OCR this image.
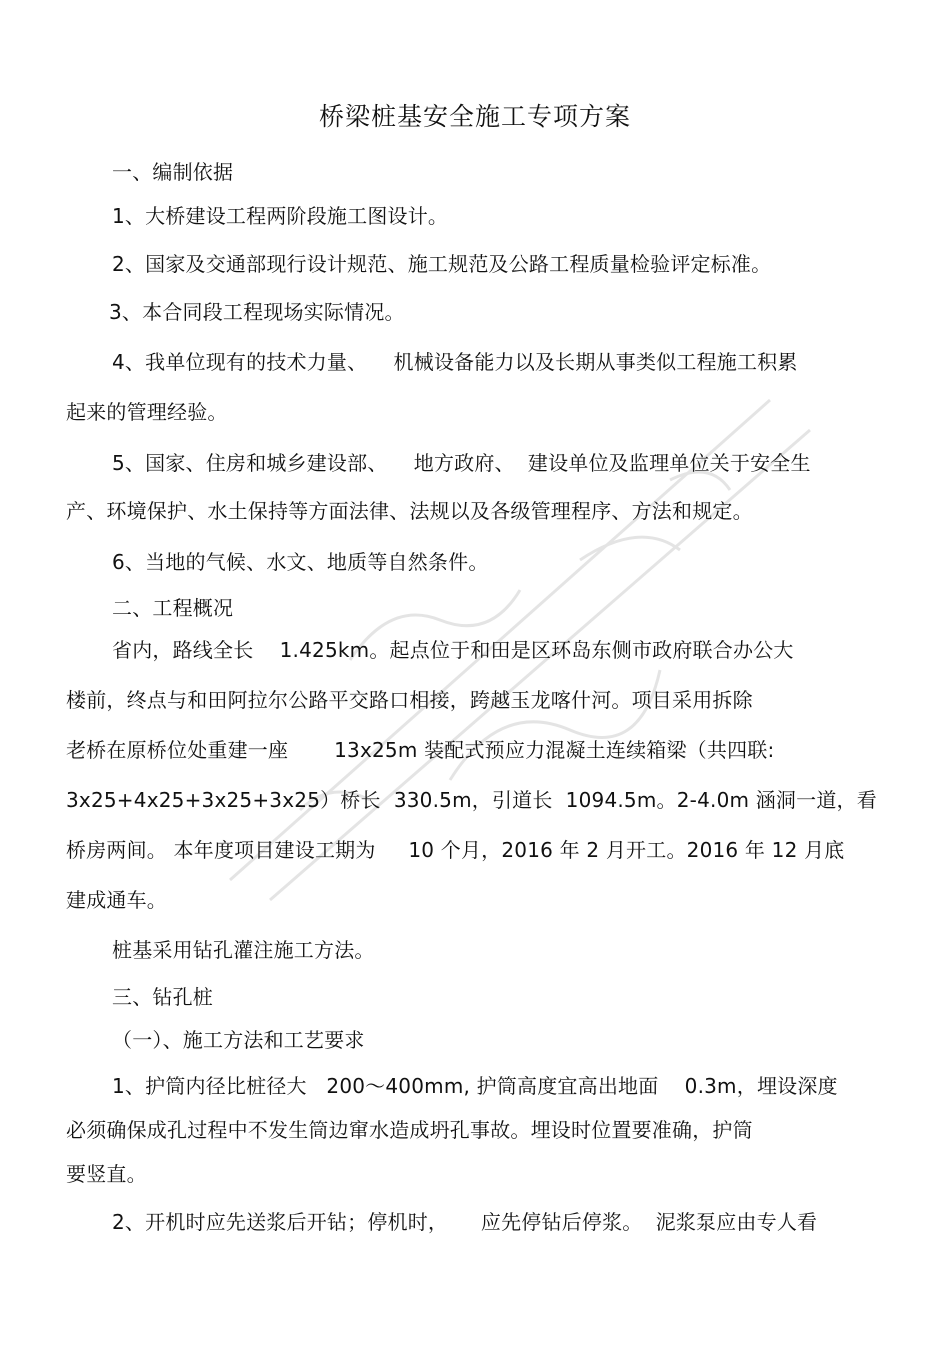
桥梁桩基安全施工专项方案
一、编制依据
1、大桥建设工程两阶段施工图设计。
2、国家及交通部现行设计规范、施工规范及公路工程质量检验评定标准。
3、本合同段工程现场实际情况。
4、我单位现有的技术力量、    机械设备能力以及长期从事类似工程施工积累
起来的管理经验。
5、国家、住房和城乡建设部、    地方政府、  建设单位及监理单位关于安全生
产、环境保护、水土保持等方面法律、法规以及各级管理程序、方法和规定。
6、当地的气候、水文、地质等自然条件。
二、工程概况
省内，路线全长    1.425km。起点位于和田是区环岛东侧市政府联合办公大
楼前，终点与和田阿拉尔公路平交路口相接，跨越玉龙喀什河。项目采用拆除
老桥在原桥位处重建一座       13x25m 装配式预应力混凝土连续箱梁（共四联:
3x25+4x25+3x25+3x25）桥长  330.5m，引道长  1094.5m。2-4.0m 涵洞一道，看
桥房两间。 本年度项目建设工期为     10 个月，2016 年 2 月开工。2016 年 12 月底
建成通车。
桩基采用钻孔灌注施工方法。
三、钻孔桩
（一）、施工方法和工艺要求
1、护筒内径比桩径大   200～400mm, 护筒高度宜高出地面    0.3m，埋设深度
必须确保成孔过程中不发生筒边窜水造成坍孔事故。埋设时位置要准确，护筒
要竖直。
2、开机时应先送浆后开钻；停机时，     应先停钻后停浆。  泥浆泵应由专人看
